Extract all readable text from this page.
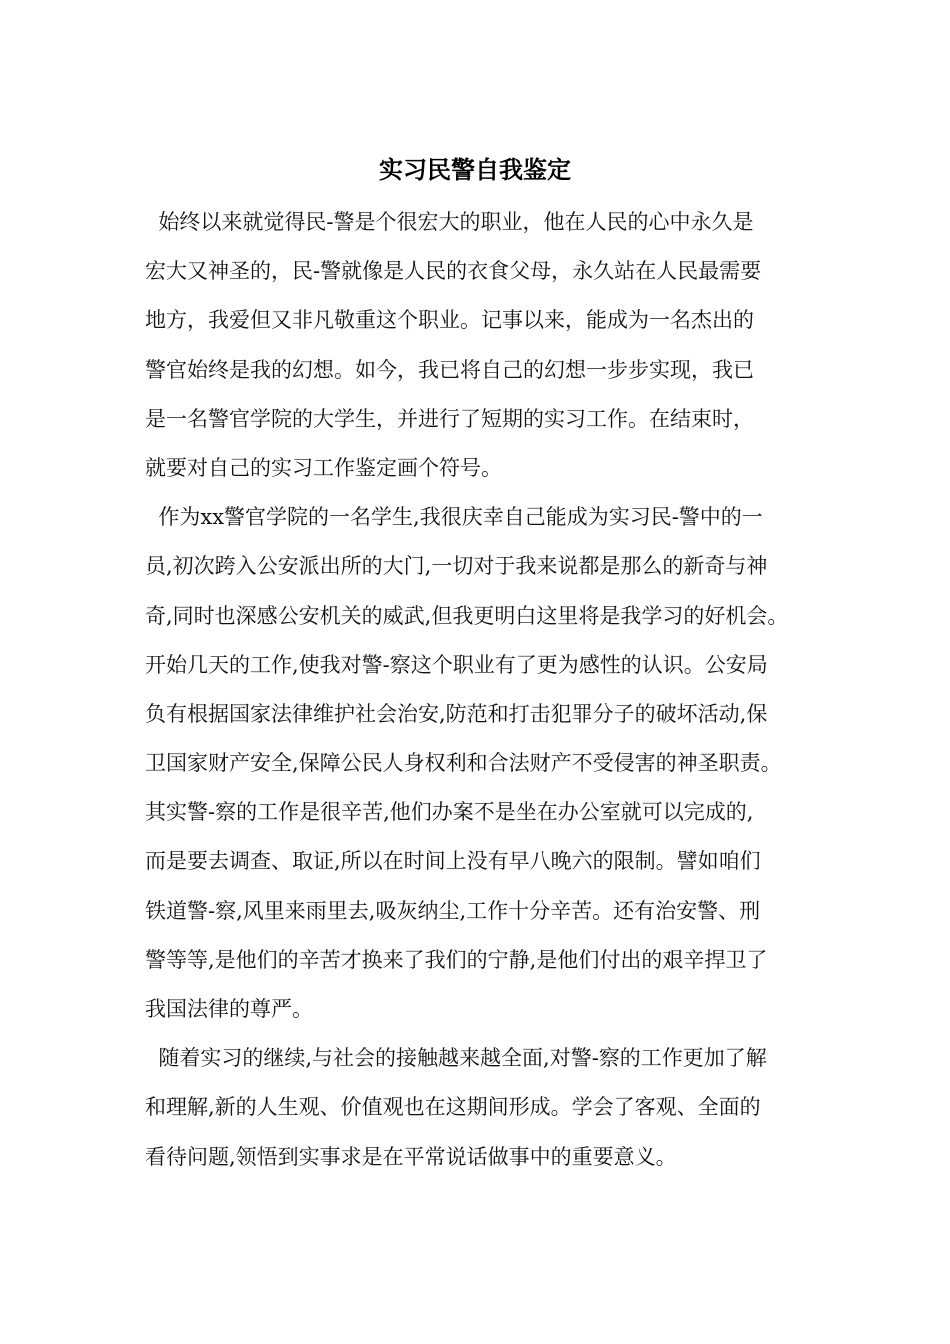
实习民警自我鉴定
始终以来就觉得民-警是个很宏大的职业，他在人民的心中永久是
宏大又神圣的，民-警就像是人民的衣食父母，永久站在人民最需要
地方，我爱但又非凡敬重这个职业。记事以来，能成为一名杰出的
警官始终是我的幻想。如今，我已将自己的幻想一步步实现，我已
是一名警官学院的大学生，并进行了短期的实习工作。在结束时，
就要对自己的实习工作鉴定画个符号。
作为xx警官学院的一名学生,我很庆幸自己能成为实习民-警中的一
员,初次跨入公安派出所的大门,一切对于我来说都是那么的新奇与神
奇,同时也深感公安机关的威武,但我更明白这里将是我学习的好机会。
开始几天的工作,使我对警-察这个职业有了更为感性的认识。公安局
负有根据国家法律维护社会治安,防范和打击犯罪分子的破坏活动,保
卫国家财产安全,保障公民人身权利和合法财产不受侵害的神圣职责。
其实警-察的工作是很辛苦,他们办案不是坐在办公室就可以完成的,
而是要去调查、取证,所以在时间上没有早八晚六的限制。譬如咱们
铁道警-察,风里来雨里去,吸灰纳尘,工作十分辛苦。还有治安警、刑
警等等,是他们的辛苦才换来了我们的宁静,是他们付出的艰辛捍卫了
我国法律的尊严。
随着实习的继续,与社会的接触越来越全面,对警-察的工作更加了解
和理解,新的人生观、价值观也在这期间形成。学会了客观、全面的
看待问题,领悟到实事求是在平常说话做事中的重要意义。
